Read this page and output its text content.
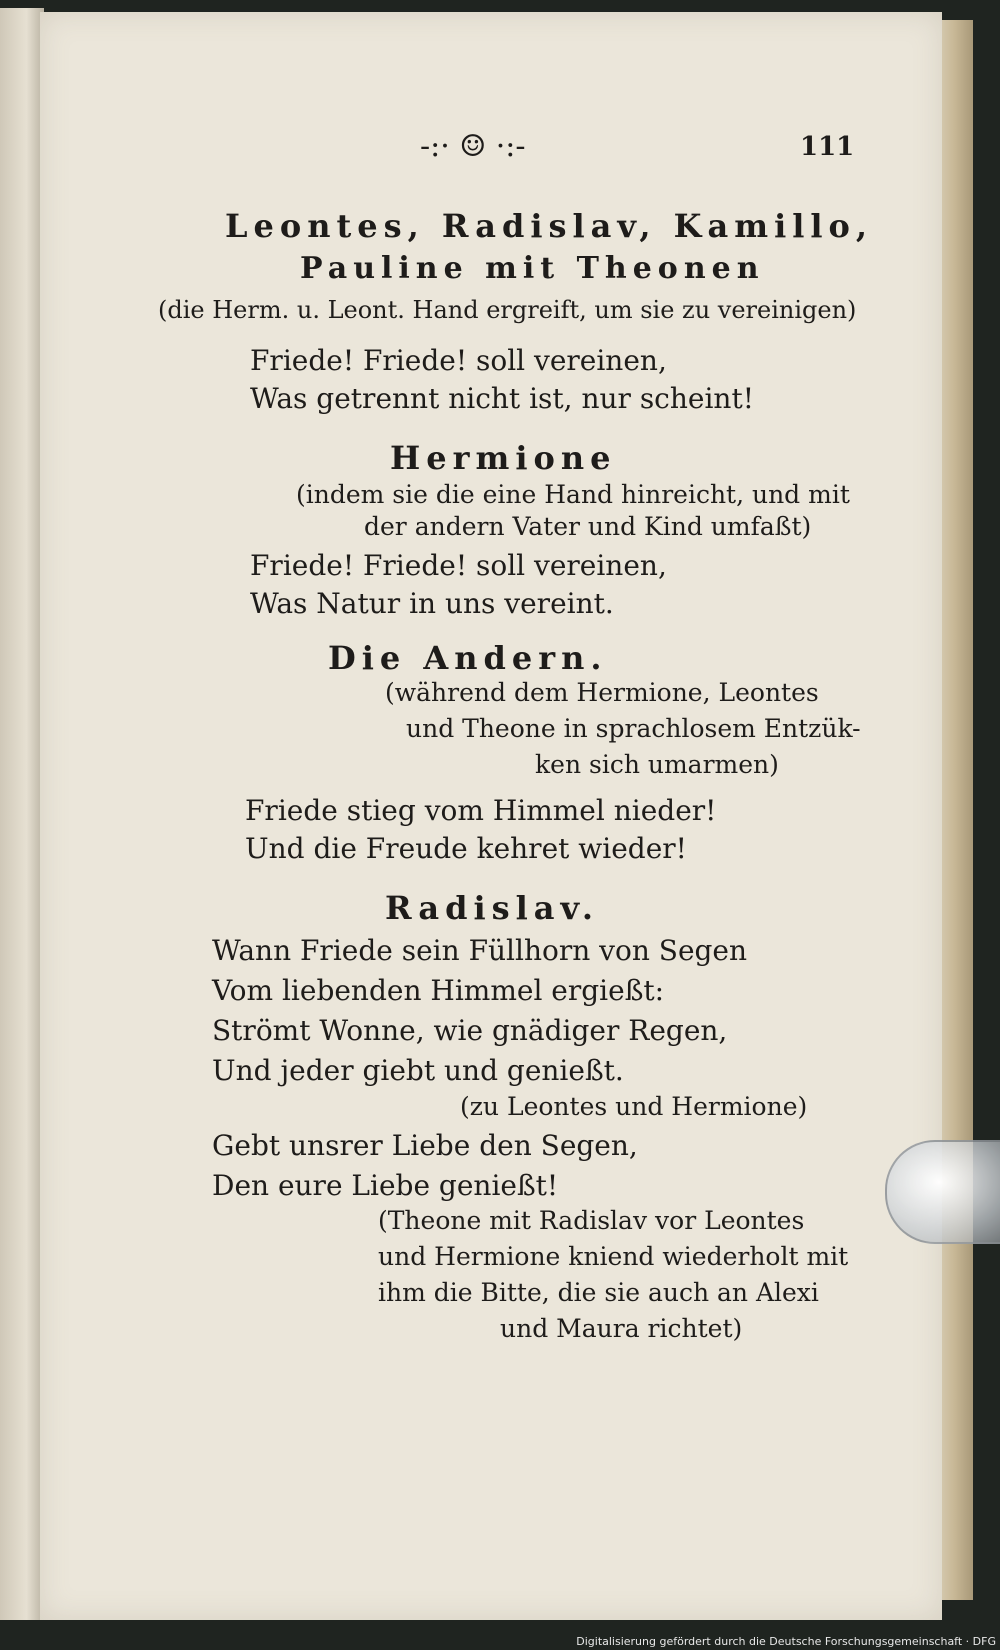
-:· ☺ ·:-	111
Leontes, Radislav, Kamillo,
Pauline mit Theonen
(die Herm. u. Leont. Hand ergreift, um sie zu vereinigen)
Friede! Friede! soll vereinen,
Was getrennt nicht ist, nur scheint!
Hermione
(indem sie die eine Hand hinreicht, und mit
der andern Vater und Kind umfaßt)
Friede! Friede! soll vereinen,
Was Natur in uns vereint.
Die Andern.
(während dem Hermione, Leontes
und Theone in sprachlosem Entzük-
ken sich umarmen)
Friede stieg vom Himmel nieder!
Und die Freude kehret wieder!
Radislav.
Wann Friede sein Füllhorn von Segen
Vom liebenden Himmel ergießt:
Strömt Wonne, wie gnädiger Regen,
Und jeder giebt und genießt.
(zu Leontes und Hermione)
Gebt unsrer Liebe den Segen,
Den eure Liebe genießt!
(Theone mit Radislav vor Leontes
und Hermione kniend wiederholt mit
ihm die Bitte, die sie auch an Alexi
und Maura richtet)
Digitalisierung gefördert durch die Deutsche Forschungsgemeinschaft · DFG
